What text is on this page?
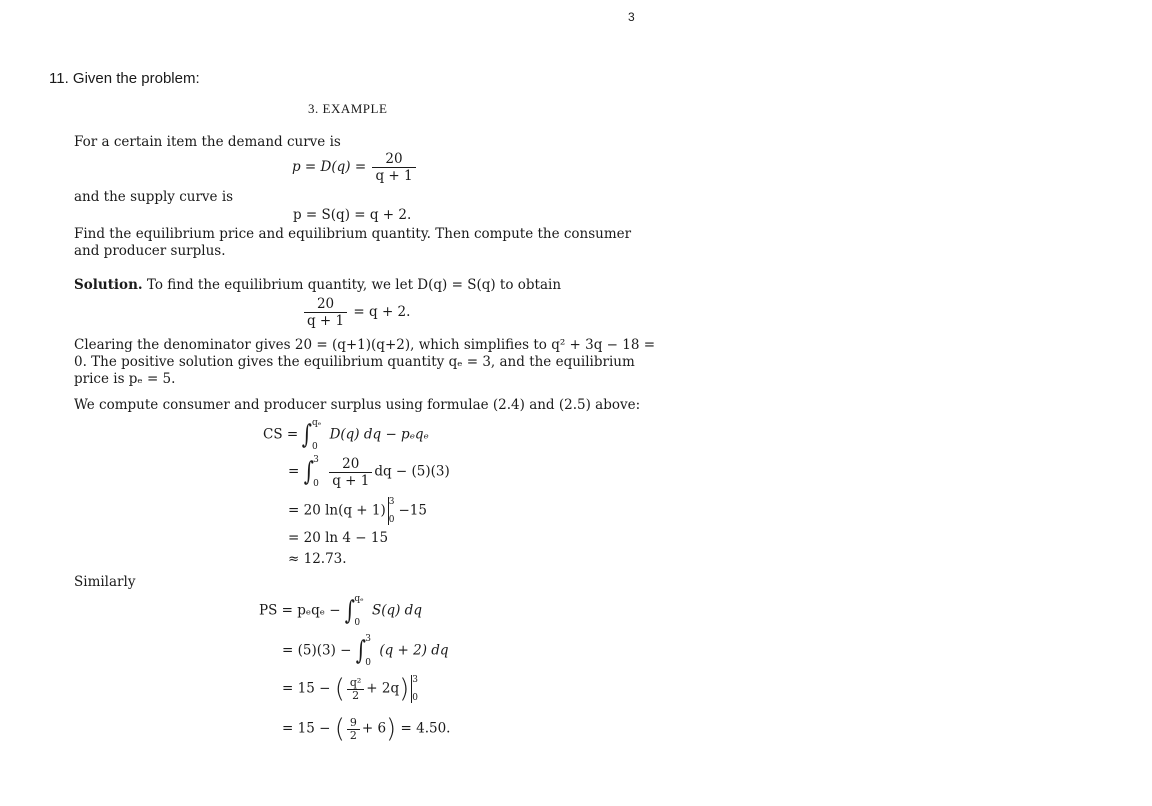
3
11. Given the problem:
3. EXAMPLE
For a certain item the demand curve is
$p = D(q) = \frac{20}{q + 1}$
and the supply curve is
p = S(q) = q + 2.
Find the equilibrium price and equilibrium quantity. Then compute the consumer
and producer surplus.
Solution. To find the equilibrium quantity, we let D(q) = S(q) to obtain
$\frac{20}{q + 1} = q + 2$.
Clearing the denominator gives 20 = (q+1)(q+2), which simplifies to q² + 3q − 18 =
0. The positive solution gives the equilibrium quantity qₑ = 3, and the equilibrium
price is pₑ = 5.
We compute consumer and producer surplus using formulae (2.4) and (2.5) above:
CS = ∫ qₑ
0
D(q) dq − pₑqₑ
= ∫ 3
0
$\frac{20}{q + 1}$ dq − (5)(3)
= 20 ln(q + 1)
3
0
−15
= 20 ln 4 − 15
≈ 12.73.
Similarly
PS = pₑqₑ − ∫ qₑ
0
S(q) dq
= (5)(3) − ∫ 3
0
(q + 2) dq
= 15 − ( $\frac{\text{q²}}{2} + 2q$) 3
0
= 15 − ( $\frac{9}{2} + 6) = 4.50$.
